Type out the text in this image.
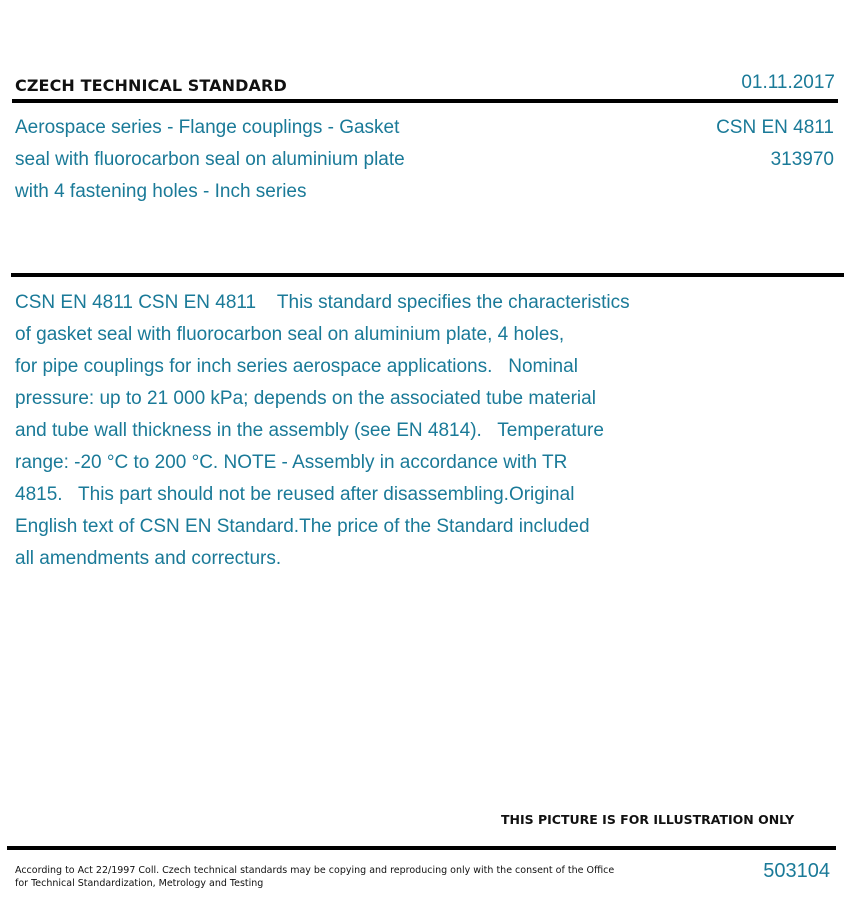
CZECH TECHNICAL STANDARD	01.11.2017
Aerospace series - Flange couplings - Gasket
seal with fluorocarbon seal on aluminium plate
with 4 fastening holes - Inch series
CSN EN 4811
313970
CSN EN 4811 CSN EN 4811    This standard specifies the characteristics
of gasket seal with fluorocarbon seal on aluminium plate, 4 holes,
for pipe couplings for inch series aerospace applications.   Nominal
pressure: up to 21 000 kPa; depends on the associated tube material
and tube wall thickness in the assembly (see EN 4814).   Temperature
range: -20 °C to 200 °C. NOTE - Assembly in accordance with TR
4815.   This part should not be reused after disassembling.Original
English text of CSN EN Standard.The price of the Standard included
all amendments and correcturs.
THIS PICTURE IS FOR ILLUSTRATION ONLY
According to Act 22/1997 Coll. Czech technical standards may be copying and reproducing only with the consent of the Office
for Technical Standardization, Metrology and Testing
503104
